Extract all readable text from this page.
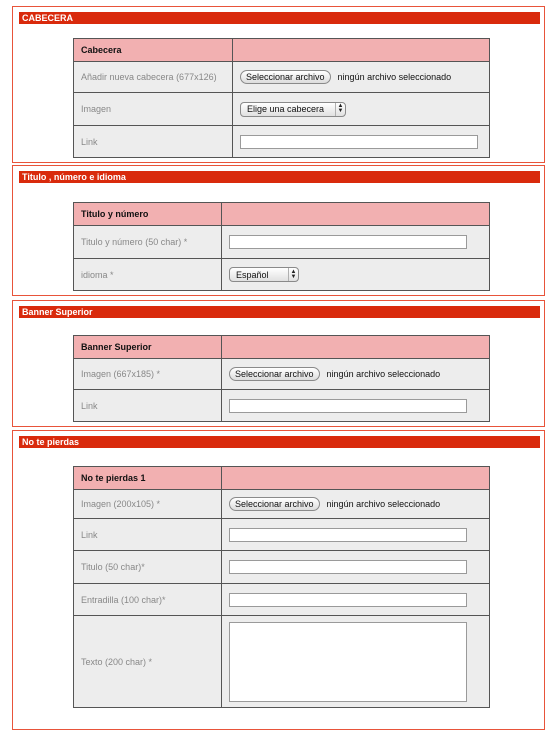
CABECERA
Cabecera	
Añadir nueva cabecera (677x126)	Seleccionar archivo ningún archivo seleccionado
Imagen	Elige una cabecera ▲
▼

Link	
Titulo , número e idioma
Titulo y número	
Titulo y número (50 char) *	

idioma *	Español ▲
▼
Banner Superior
Banner Superior	
Imagen (667x185) *	Seleccionar archivo ningún archivo seleccionado
Link	
No te pierdas
No te pierdas 1	
Imagen (200x105) *	Seleccionar archivo ningún archivo seleccionado
Link	

Titulo (50 char)*	

Entradilla (100 char)*	

Texto (200 char) *	
